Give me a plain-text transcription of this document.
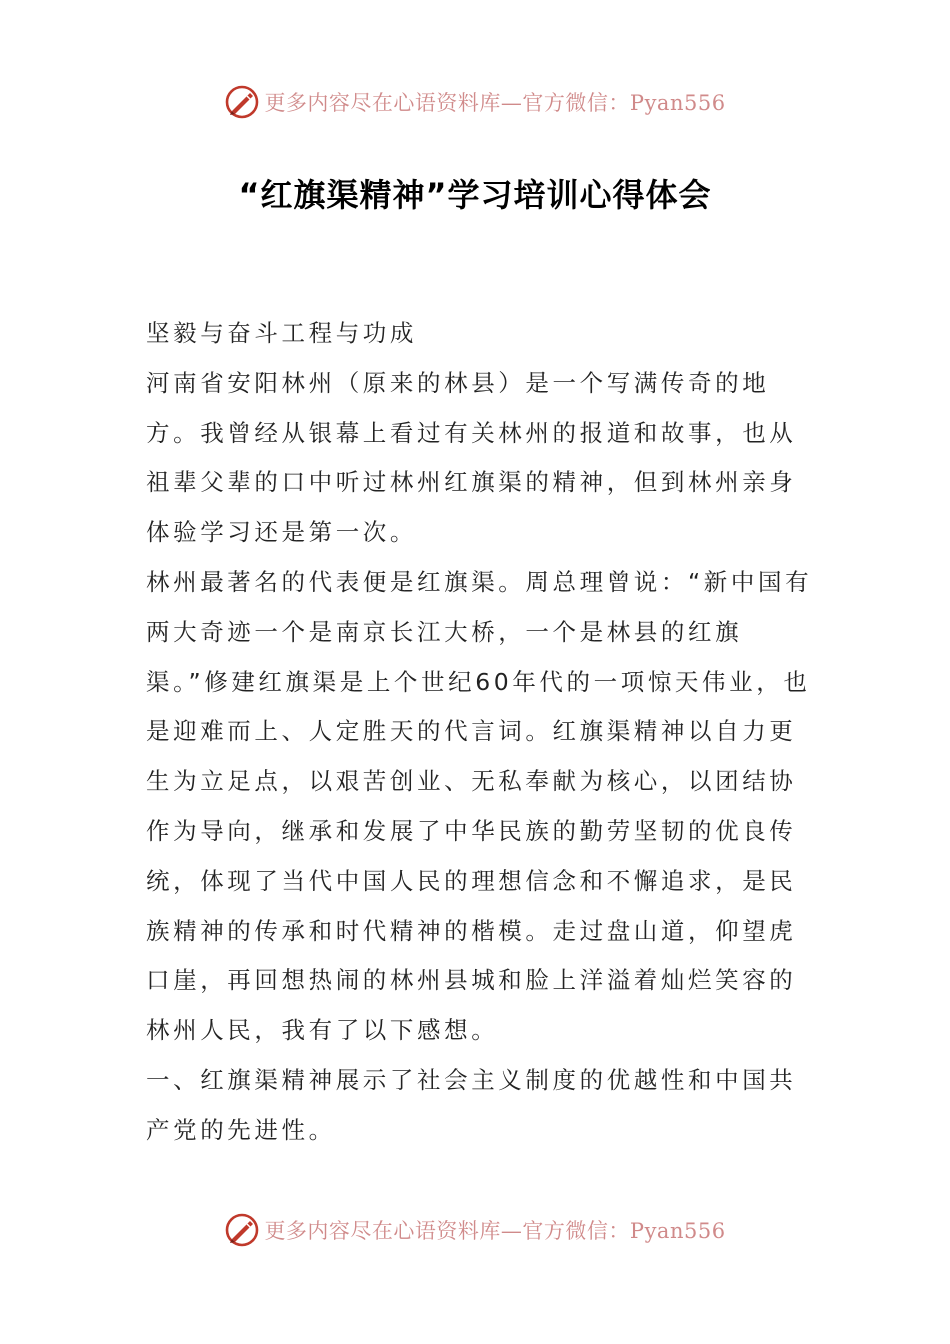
更多内容尽在心语资料库—官方微信：Pyan556
“红旗渠精神”学习培训心得体会

坚毅与奋斗工程与功成

河南省安阳林州（原来的林县）是一个写满传奇的地方。我曾经从银幕上看过有关林州的报道和故事，也从祖辈父辈的口中听过林州红旗渠的精神，但到林州亲身体验学习还是第一次。

林州最著名的代表便是红旗渠。周总理曾说：“新中国有两大奇迹一个是南京长江大桥，一个是林县的红旗渠。”修建红旗渠是上个世纪60年代的一项惊天伟业，也是迎难而上、人定胜天的代言词。红旗渠精神以自力更生为立足点，以艰苦创业、无私奉献为核心，以团结协作为导向，继承和发展了中华民族的勤劳坚韧的优良传统，体现了当代中国人民的理想信念和不懈追求，是民族精神的传承和时代精神的楷模。走过盘山道，仰望虎口崖，再回想热闹的林州县城和脸上洋溢着灿烂笑容的林州人民，我有了以下感想。

一、红旗渠精神展示了社会主义制度的优越性和中国共产党的先进性。

更多内容尽在心语资料库—官方微信：Pyan556
